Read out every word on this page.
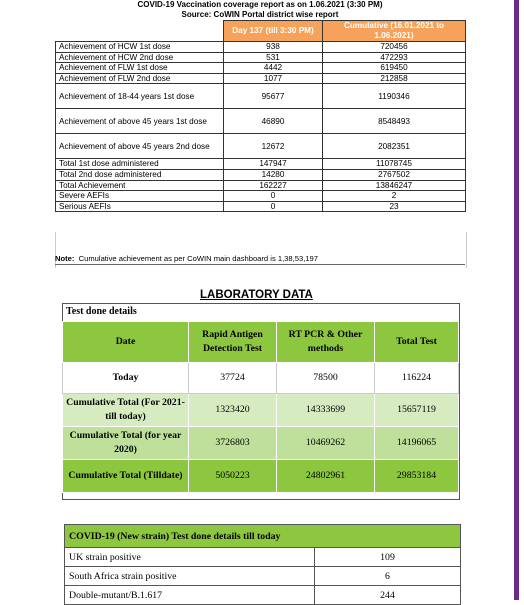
COVID-19 Vaccination coverage report as on 1.06.2021 (3:30 PM)
Source: CoWIN Portal district wise report
	Day 137 (till 3:30 PM)	Cumulative (16.01.2021 to 1.06.2021)
Achievement of HCW 1st dose	938	720456
Achievement of HCW 2nd dose	531	472293
Achievement of FLW 1st dose	4442	619450
Achievement of FLW 2nd dose	1077	212858
Achievement of 18-44 years 1st dose	95677	1190346
Achievement of above 45 years 1st dose	46890	8548493
Achievement of above 45 years 2nd dose	12672	2082351
Total 1st dose administered	147947	11078745
Total 2nd dose administered	14280	2767502
Total Achievement	162227	13846247
Severe AEFIs	0	2
Serious AEFIs	0	23
Note: Cumulative achievement as per CoWIN main dashboard is 1,38,53,197
LABORATORY DATA
Test done details
Date	Rapid Antigen Detection Test	RT PCR & Other methods	Total Test
Today	37724	78500	116224
Cumulative Total (For 2021- till today)	1323420	14333699	15657119
Cumulative Total (for year 2020)	3726803	10469262	14196065
Cumulative Total (Tilldate)	5050223	24802961	29853184
COVID-19 (New strain) Test done details till today	
UK strain positive	109
South Africa strain positive	6
Double-mutant/B.1.617	244
